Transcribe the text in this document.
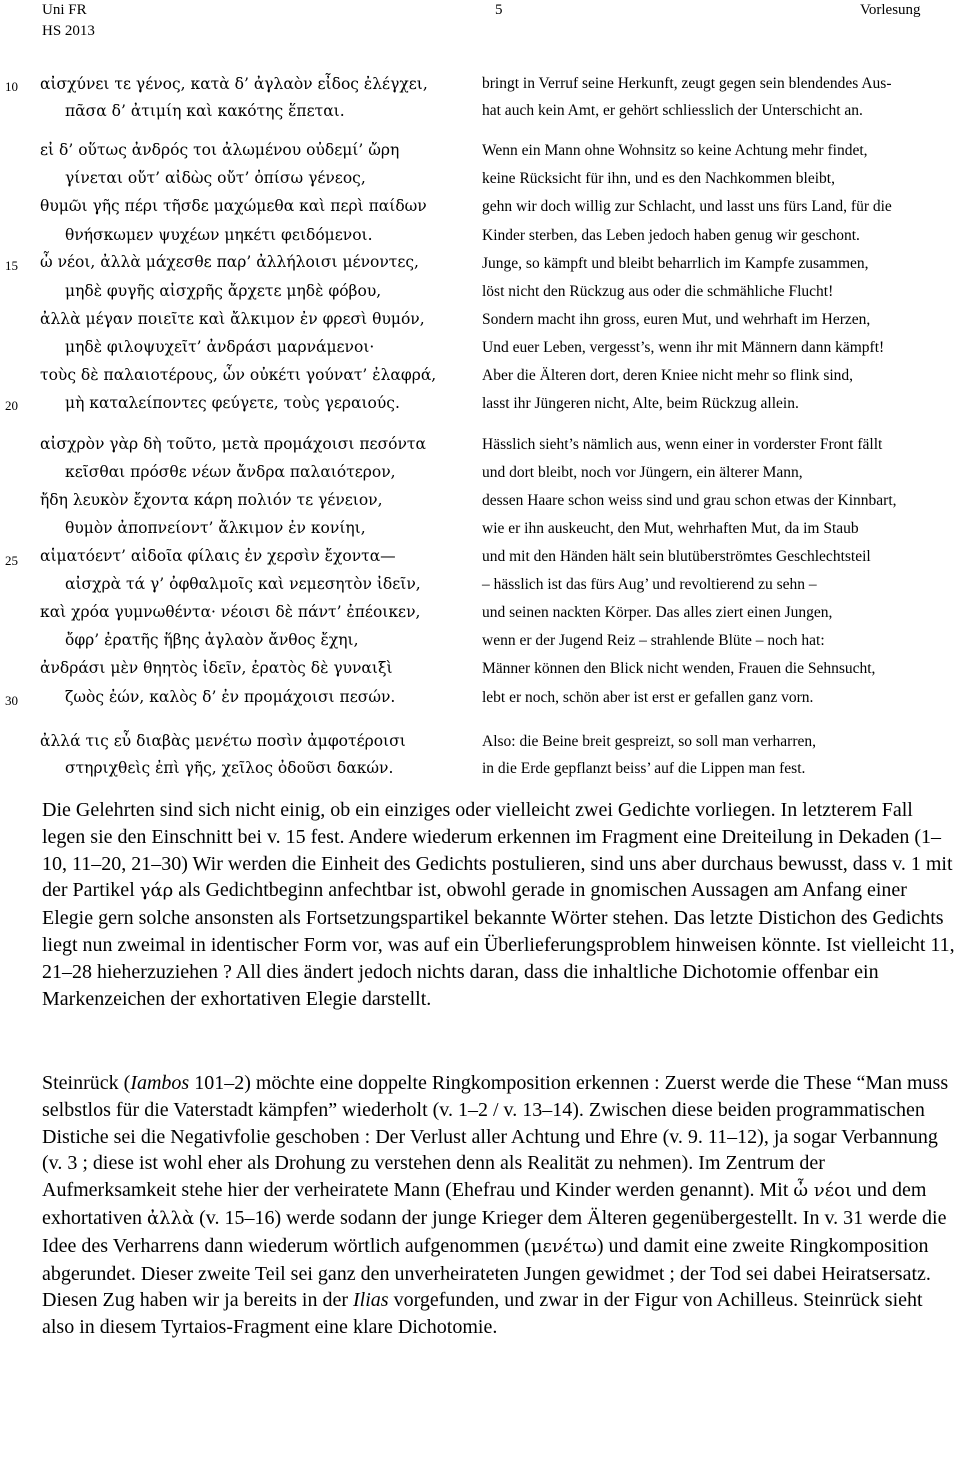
Uni FR
HS 2013
5	Vorlesung
10
15
20
25
30
αἰσχύνει τε γένος, κατὰ δ’ ἀγλαὸν εἶδος ἐλέγχει,
πᾶσα δ’ ἀτιμίη καὶ κακότης ἕπεται.
εἰ δ’ οὕτως ἀνδρός τοι ἀλωμένου οὐδεμί’ ὤρη
γίνεται οὔτ’ αἰδὼς οὔτ’ ὀπίσω γένεος,
θυμῶι γῆς πέρι τῆσδε μαχώμεθα καὶ περὶ παίδων
θνήσκωμεν ψυχέων μηκέτι φειδόμενοι.
ὦ νέοι, ἀλλὰ μάχεσθε παρ’ ἀλλήλοισι μένοντες,
μηδὲ φυγῆς αἰσχρῆς ἄρχετε μηδὲ φόβου,
ἀλλὰ μέγαν ποιεῖτε καὶ ἄλκιμον ἐν φρεσὶ θυμόν,
μηδὲ φιλοψυχεῖτ’ ἀνδράσι μαρνάμενοι·
τοὺς δὲ παλαιοτέρους, ὧν οὐκέτι γούνατ’ ἐλαφρά,
μὴ καταλείποντες φεύγετε, τοὺς γεραιούς.
αἰσχρὸν γὰρ δὴ τοῦτο, μετὰ προμάχοισι πεσόντα
κεῖσθαι πρόσθε νέων ἄνδρα παλαιότερον,
ἤδη λευκὸν ἔχοντα κάρη πολιόν τε γένειον,
θυμὸν ἀποπνείοντ’ ἄλκιμον ἐν κονίηι,
αἱματόεντ’ αἰδοῖα φίλαις ἐν χερσὶν ἔχοντα—
αἰσχρὰ τά γ’ ὀφθαλμοῖς καὶ νεμεσητὸν ἰδεῖν,
καὶ χρόα γυμνωθέντα· νέοισι δὲ πάντ’ ἐπέοικεν,
ὄφρ’ ἐρατῆς ἥβης ἀγλαὸν ἄνθος ἔχηι,
ἀνδράσι μὲν θηητὸς ἰδεῖν, ἐρατὸς δὲ γυναιξὶ
ζωὸς ἐών, καλὸς δ’ ἐν προμάχοισι πεσών.
ἀλλά τις εὖ διαβὰς μενέτω ποσὶν ἀμφοτέροισι
στηριχθεὶς ἐπὶ γῆς, χεῖλος ὀδοῦσι δακών.
bringt in Verruf seine Herkunft, zeugt gegen sein blendendes Aus-
hat auch kein Amt, er gehört schliesslich der Unterschicht an.
Wenn ein Mann ohne Wohnsitz so keine Achtung mehr findet,
keine Rücksicht für ihn, und es den Nachkommen bleibt,
gehn wir doch willig zur Schlacht, und lasst uns fürs Land, für die
Kinder sterben, das Leben jedoch haben genug wir geschont.
Junge, so kämpft und bleibt beharrlich im Kampfe zusammen,
löst nicht den Rückzug aus oder die schmähliche Flucht!
Sondern macht ihn gross, euren Mut, und wehrhaft im Herzen,
Und euer Leben, vergesst’s, wenn ihr mit Männern dann kämpft!
Aber die Älteren dort, deren Kniee nicht mehr so flink sind,
lasst ihr Jüngeren nicht, Alte, beim Rückzug allein.
Hässlich sieht’s nämlich aus, wenn einer in vorderster Front fällt
und dort bleibt, noch vor Jüngern, ein älterer Mann,
dessen Haare schon weiss sind und grau schon etwas der Kinnbart,
wie er ihn auskeucht, den Mut, wehrhaften Mut, da im Staub
und mit den Händen hält sein blutüberströmtes Geschlechtsteil
– hässlich ist das fürs Aug’ und revoltierend zu sehn –
und seinen nackten Körper. Das alles ziert einen Jungen,
wenn er der Jugend Reiz – strahlende Blüte – noch hat:
Männer können den Blick nicht wenden, Frauen die Sehnsucht,
lebt er noch, schön aber ist erst er gefallen ganz vorn.
Also: die Beine breit gespreizt, so soll man verharren,
in die Erde gepflanzt beiss’ auf die Lippen man fest.

Die Gelehrten sind sich nicht einig, ob ein einziges oder vielleicht zwei Gedichte vorliegen. In letzterem Fall legen sie den Einschnitt bei v. 15 fest. Andere wiederum erkennen im Fragment eine Dreiteilung in Dekaden (1–10, 11–20, 21–30) Wir werden die Einheit des Gedichts postulieren, sind uns aber durchaus bewusst, dass v. 1 mit der Partikel γάρ als Gedichtbeginn anfechtbar ist, obwohl gerade in gnomischen Aussagen am Anfang einer Elegie gern solche ansonsten als Fortsetzungspartikel bekannte Wörter stehen. Das letzte Distichon des Gedichts liegt nun zweimal in identischer Form vor, was auf ein Überlieferungsproblem hinweisen könnte. Ist vielleicht 11, 21–28 hieherzuziehen ? All dies ändert jedoch nichts daran, dass die inhaltliche Dichotomie offenbar ein Markenzeichen der exhortativen Elegie darstellt.

Steinrück (Iambos 101–2) möchte eine doppelte Ringkomposition erkennen : Zuerst werde die These “Man muss selbstlos für die Vaterstadt kämpfen” wiederholt (v. 1–2 / v. 13–14). Zwischen diese beiden programmatischen Distiche sei die Negativfolie geschoben : Der Verlust aller Achtung und Ehre (v. 9. 11–12), ja sogar Verbannung (v. 3 ; diese ist wohl eher als Drohung zu verstehen denn als Realität zu nehmen). Im Zentrum der Aufmerksamkeit stehe hier der verheiratete Mann (Ehefrau und Kinder werden genannt). Mit ὦ νέοι und dem exhortativen ἀλλὰ (v. 15–16) werde sodann der junge Krieger dem Älteren gegenübergestellt. In v. 31 werde die Idee des Verharrens dann wiederum wörtlich aufgenommen (μενέτω) und damit eine zweite Ringkomposition abgerundet. Dieser zweite Teil sei ganz den unverheirateten Jungen gewidmet ; der Tod sei dabei Heiratsersatz. Diesen Zug haben wir ja bereits in der Ilias vorgefunden, und zwar in der Figur von Achilleus. Steinrück sieht also in diesem Tyrtaios-Fragment eine klare Dichotomie.
